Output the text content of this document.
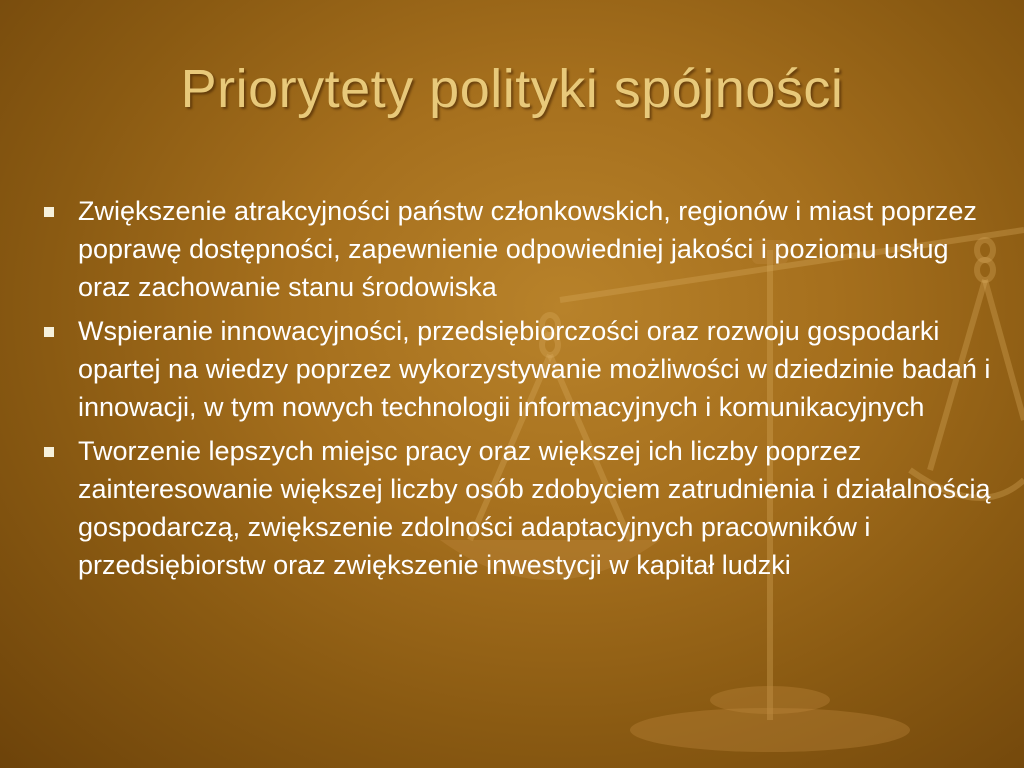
Priorytety polityki spójności
Zwiększenie atrakcyjności państw członkowskich, regionów i miast poprzez poprawę dostępności, zapewnienie odpowiedniej jakości i poziomu usług oraz zachowanie stanu środowiska
Wspieranie innowacyjności, przedsiębiorczości oraz rozwoju gospodarki opartej na wiedzy poprzez wykorzystywanie możliwości w dziedzinie badań i innowacji, w tym nowych technologii informacyjnych i komunikacyjnych
Tworzenie lepszych miejsc pracy oraz większej ich liczby poprzez zainteresowanie większej liczby osób zdobyciem zatrudnienia i działalnością gospodarczą, zwiększenie zdolności adaptacyjnych pracowników i przedsiębiorstw oraz zwiększenie inwestycji w kapitał ludzki
